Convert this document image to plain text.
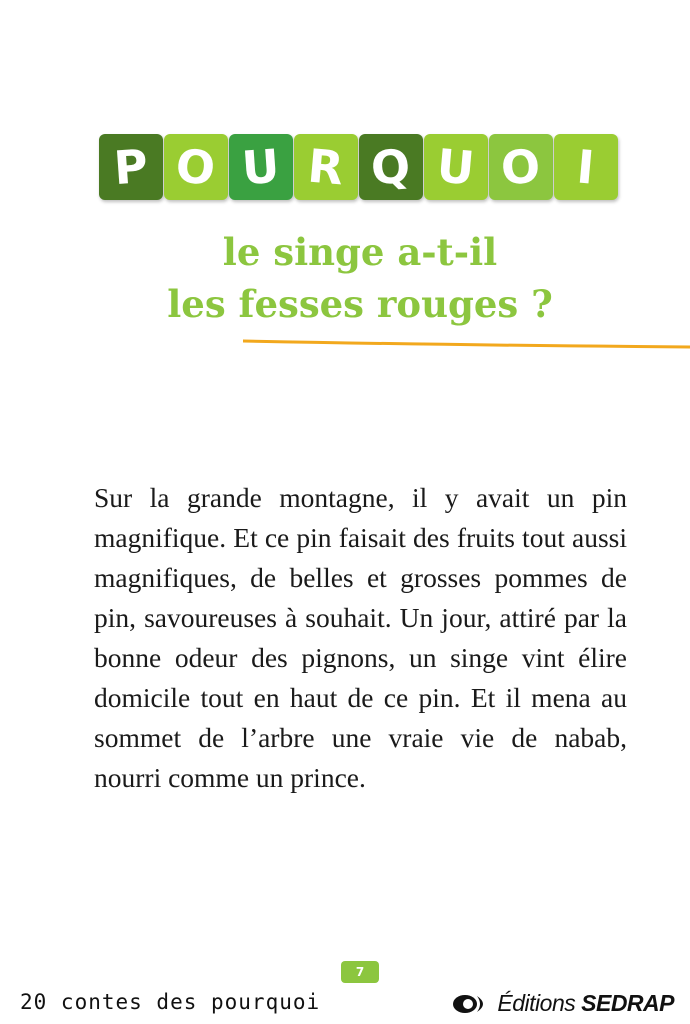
P O U R Q U O I
le singe a-t-il
les fesses rouges ?

Sur la grande montagne, il y avait un pin magnifique. Et ce pin faisait des fruits tout aussi magnifiques, de belles et grosses pommes de pin, savoureuses à souhait. Un jour, attiré par la bonne odeur des pignons, un singe vint élire domicile tout en haut de ce pin. Et il mena au sommet de l’arbre une vraie vie de nabab, nourri comme un prince.

7
20 contes des pourquoi	Éditions SEDRAP
